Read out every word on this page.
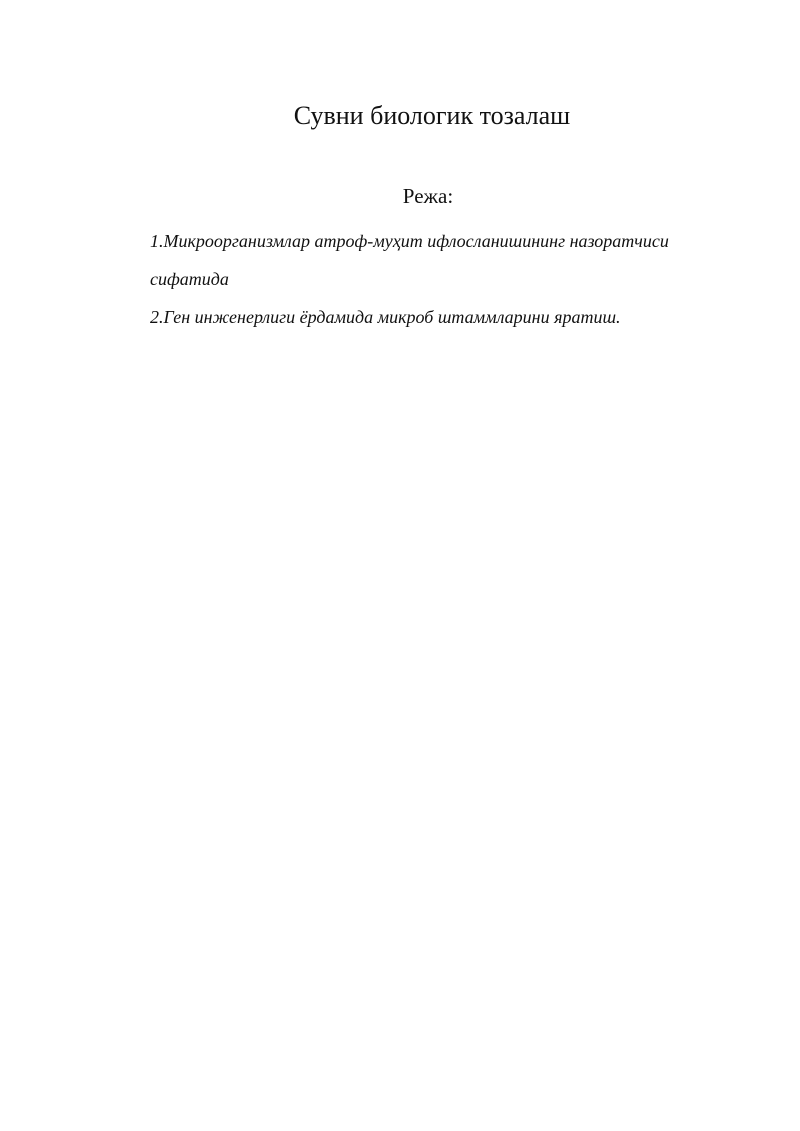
Сувни биологик тозалаш
Режа:
1.Микроорганизмлар атроф-муҳит ифлосланишининг назоратчиси сифатида
2.Ген инженерлиги ёрдамида микроб штаммларини яратиш.
